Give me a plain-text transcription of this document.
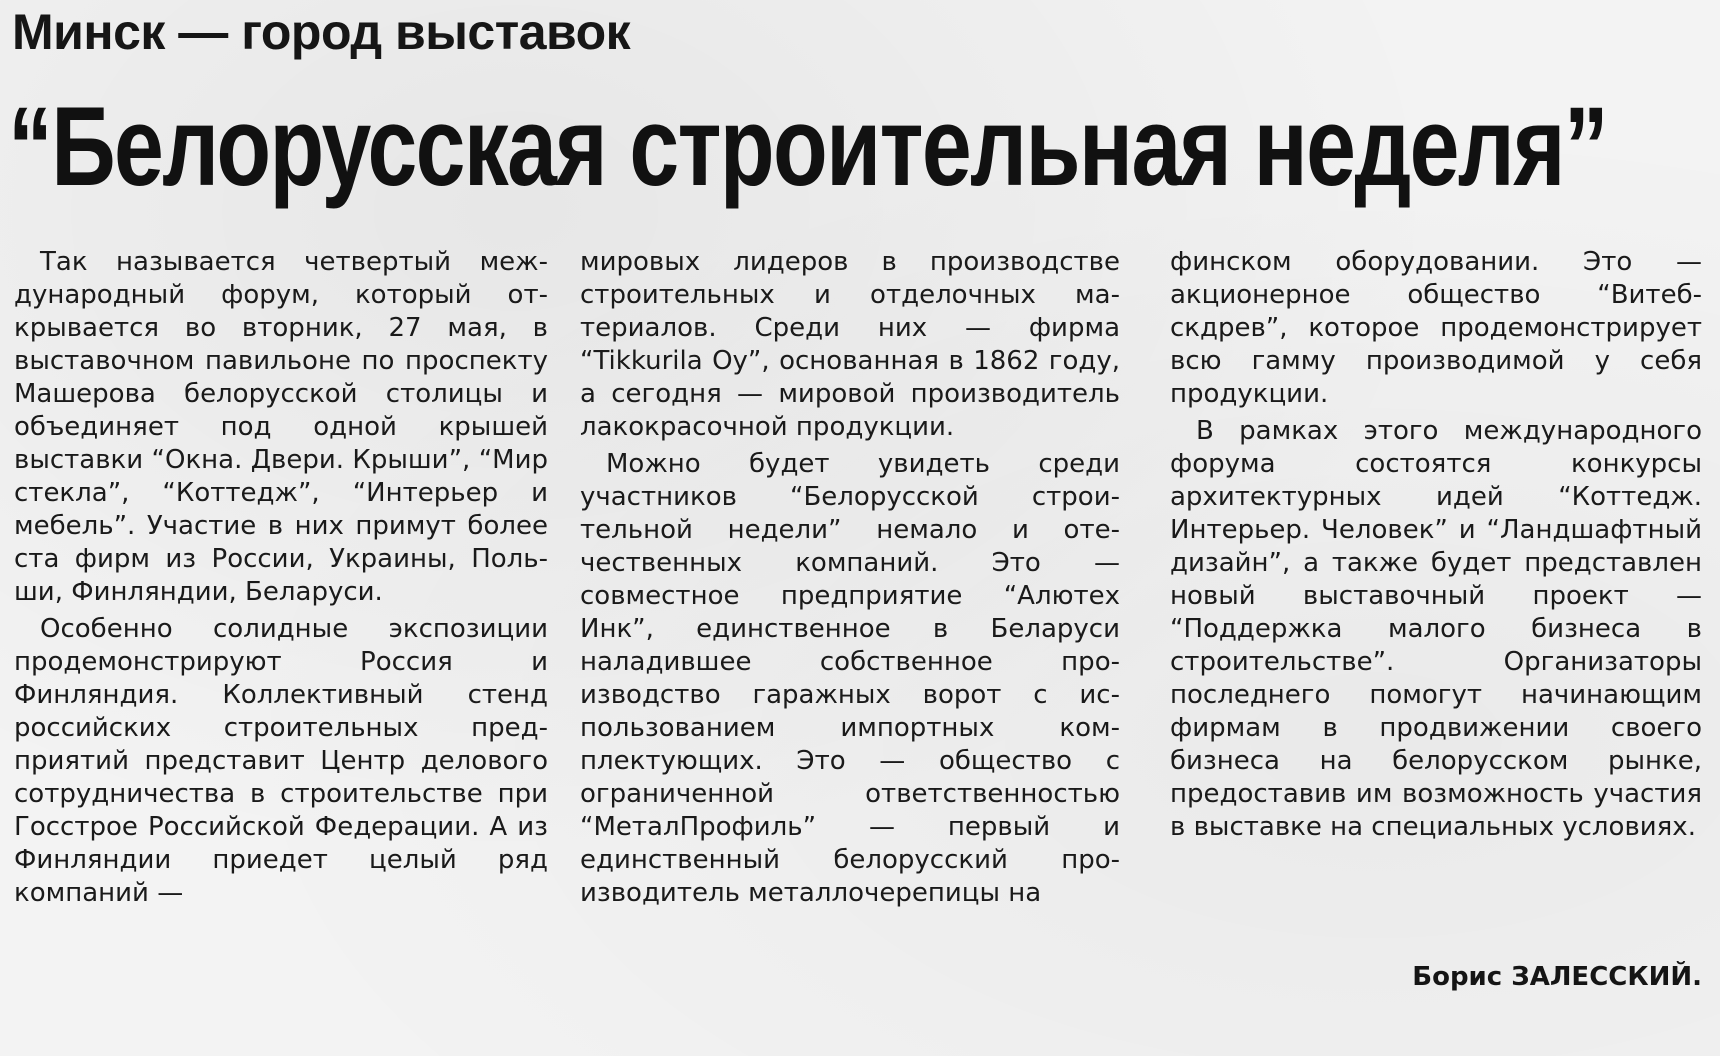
Минск — город выставок
“Белорусская строительная неделя”

Так называется четвертый международный форум, который открывается во вторник, 27 мая, в выставочном павильоне по проспекту Машерова белорусской столицы и объединяет под одной крышей выставки “Окна. Двери. Крыши”, “Мир стекла”, “Коттедж”, “Интерьер и мебель”. Участие в них примут более ста фирм из России, Украины, Польши, Финляндии, Беларуси.

Особенно солидные экспозиции продемонстрируют Россия и Финляндия. Коллективный стенд российских строительных предприятий представит Центр делового сотрудничества в строительстве при Госстрое Российской Федерации. А из Финляндии приедет целый ряд компаний —

мировых лидеров в производстве строительных и отделочных материалов. Среди них — фирма “Tikkurila Oy”, основанная в 1862 году, а сегодня — мировой производитель лакокрасочной продукции.

Можно будет увидеть среди участников “Белорусской строительной недели” немало и отечественных компаний. Это — совместное предприятие “Алютех Инк”, единственное в Беларуси наладившее собственное производство гаражных ворот с использованием импортных комплектующих. Это — общество с ограниченной ответственностью “МеталПрофиль” — первый и единственный белорусский производитель металлочерепицы на

финском оборудовании. Это — акционерное общество “Витебскдрев”, которое продемонстрирует всю гамму производимой у себя продукции.

В рамках этого международного форума состоятся конкурсы архитектурных идей “Коттедж. Интерьер. Человек” и “Ландшафтный дизайн”, а также будет представлен новый выставочный проект — “Поддержка малого бизнеса в строительстве”. Организаторы последнего помогут начинающим фирмам в продвижении своего бизнеса на белорусском рынке, предоставив им возможность участия в выставке на специальных условиях.

Борис ЗАЛЕССКИЙ.
